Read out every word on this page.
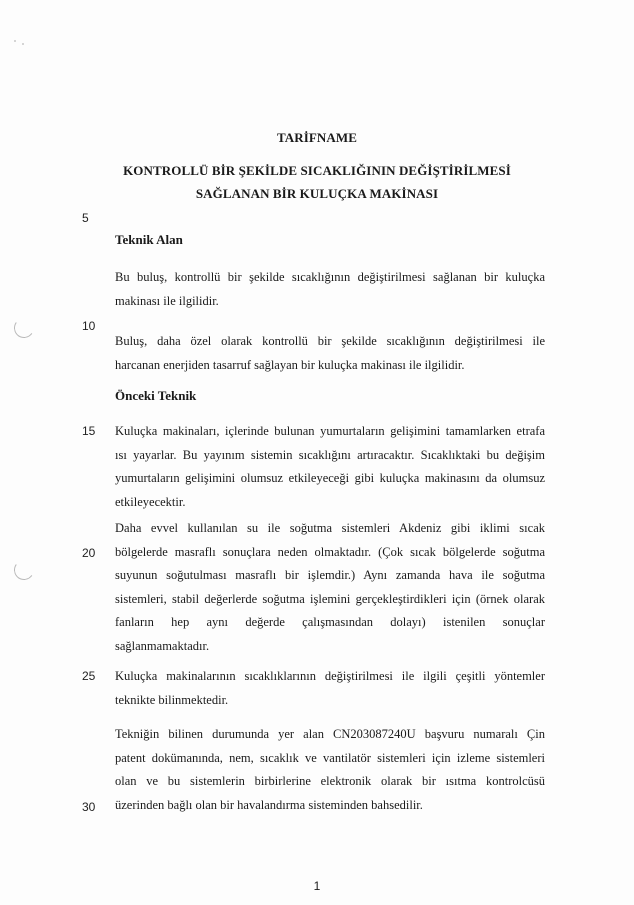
TARİFNAME
KONTROLLÜ BİR ŞEKİLDE SICAKLIĞININ DEĞİŞTİRİLMESİ
SAĞLANAN BİR KULUÇKA MAKİNASI
5
10
15
20
25
30
Teknik Alan
Bu buluş, kontrollü bir şekilde sıcaklığının değiştirilmesi sağlanan bir kuluçka
makinası ile ilgilidir.
Buluş, daha özel olarak kontrollü bir şekilde sıcaklığının değiştirilmesi ile
harcanan enerjiden tasarruf sağlayan bir kuluçka makinası ile ilgilidir.
Önceki Teknik
Kuluçka makinaları, içlerinde bulunan yumurtaların gelişimini tamamlarken etrafa
ısı yayarlar. Bu yayınım sistemin sıcaklığını artıracaktır. Sıcaklıktaki bu değişim
yumurtaların gelişimini olumsuz etkileyeceği gibi kuluçka makinasını da olumsuz
etkileyecektir.
Daha evvel kullanılan su ile soğutma sistemleri Akdeniz gibi iklimi sıcak
bölgelerde masraflı sonuçlara neden olmaktadır. (Çok sıcak bölgelerde soğutma
suyunun soğutulması masraflı bir işlemdir.) Aynı zamanda hava ile soğutma
sistemleri, stabil değerlerde soğutma işlemini gerçekleştirdikleri için (örnek olarak
fanların hep aynı değerde çalışmasından dolayı) istenilen sonuçlar
sağlanmamaktadır.
Kuluçka makinalarının sıcaklıklarının değiştirilmesi ile ilgili çeşitli yöntemler
teknikte bilinmektedir.
Tekniğin bilinen durumunda yer alan CN203087240U başvuru numaralı Çin
patent dokümanında, nem, sıcaklık ve vantilatör sistemleri için izleme sistemleri
olan ve bu sistemlerin birbirlerine elektronik olarak bir ısıtma kontrolcüsü
üzerinden bağlı olan bir havalandırma sisteminden bahsedilir.
1
